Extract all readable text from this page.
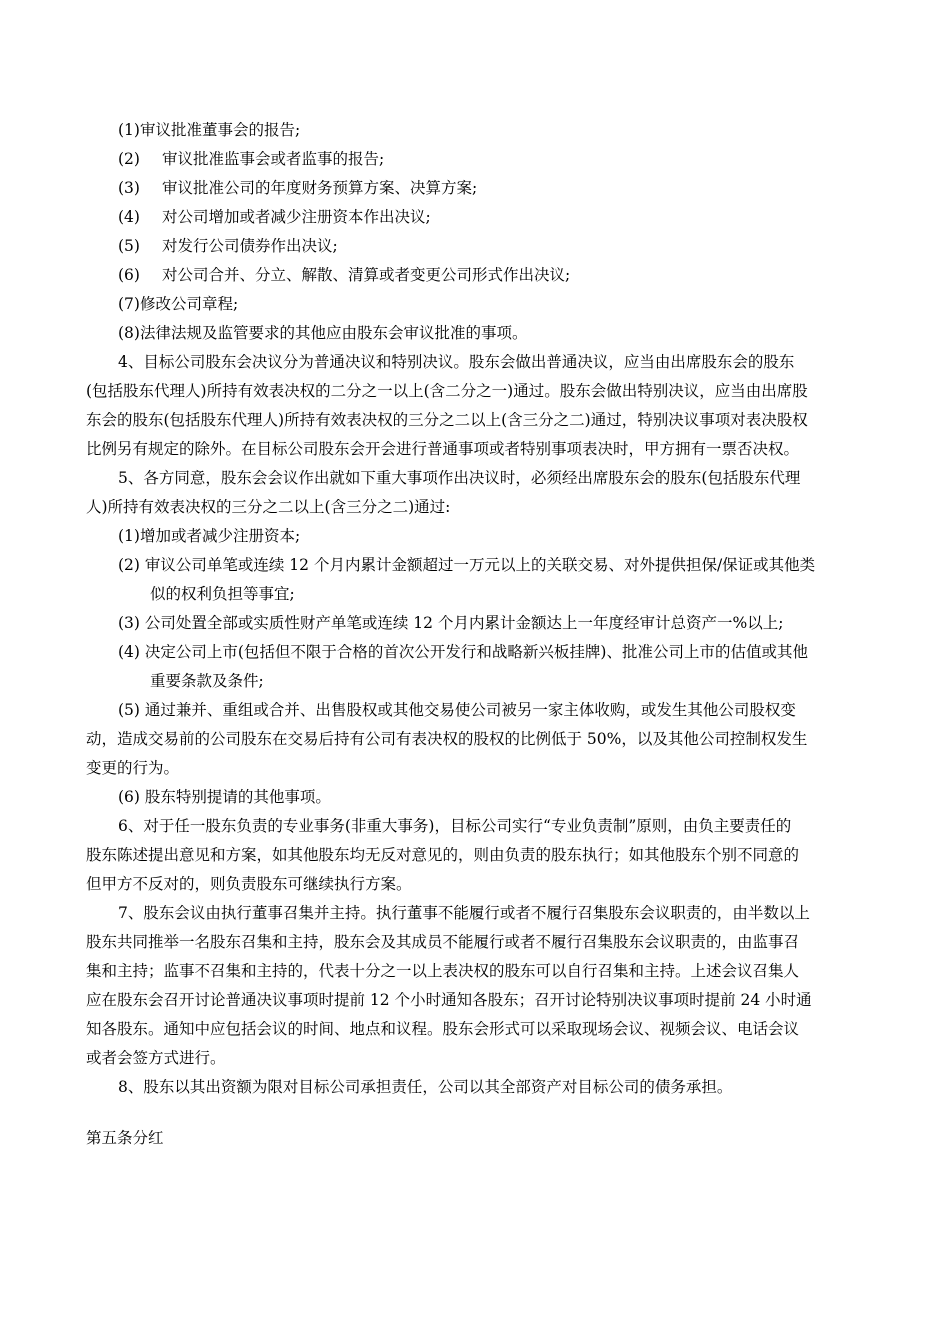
(1)审议批准董事会的报告;
(2) 审议批准监事会或者监事的报告;
(3) 审议批准公司的年度财务预算方案、决算方案;
(4) 对公司增加或者减少注册资本作出决议;
(5) 对发行公司债券作出决议;
(6) 对公司合并、分立、解散、清算或者变更公司形式作出决议;
(7)修改公司章程;
(8)法律法规及监管要求的其他应由股东会审议批准的事项。
4、目标公司股东会决议分为普通决议和特别决议。股东会做出普通决议，应当由出席股东会的股东
(包括股东代理人)所持有效表决权的二分之一以上(含二分之一)通过。股东会做出特别决议，应当由出席股
东会的股东(包括股东代理人)所持有效表决权的三分之二以上(含三分之二)通过，特别决议事项对表决股权
比例另有规定的除外。在目标公司股东会开会进行普通事项或者特别事项表决时，甲方拥有一票否决权。
5、各方同意，股东会会议作出就如下重大事项作出决议时，必须经出席股东会的股东(包括股东代理
人)所持有效表决权的三分之二以上(含三分之二)通过:
(1)增加或者减少注册资本;
(2) 审议公司单笔或连续 12 个月内累计金额超过一万元以上的关联交易、对外提供担保/保证或其他类
似的权利负担等事宜;
(3) 公司处置全部或实质性财产单笔或连续 12 个月内累计金额达上一年度经审计总资产一%以上;
(4) 决定公司上市(包括但不限于合格的首次公开发行和战略新兴板挂牌)、批准公司上市的估值或其他
重要条款及条件;
(5) 通过兼并、重组或合并、出售股权或其他交易使公司被另一家主体收购，或发生其他公司股权变
动，造成交易前的公司股东在交易后持有公司有表决权的股权的比例低于 50%，以及其他公司控制权发生
变更的行为。
(6) 股东特别提请的其他事项。
6、对于任一股东负责的专业事务(非重大事务)，目标公司实行“专业负责制”原则，由负主要责任的
股东陈述提出意见和方案，如其他股东均无反对意见的，则由负责的股东执行；如其他股东个别不同意的
但甲方不反对的，则负责股东可继续执行方案。
7、股东会议由执行董事召集并主持。执行董事不能履行或者不履行召集股东会议职责的，由半数以上
股东共同推举一名股东召集和主持，股东会及其成员不能履行或者不履行召集股东会议职责的，由监事召
集和主持；监事不召集和主持的，代表十分之一以上表决权的股东可以自行召集和主持。上述会议召集人
应在股东会召开讨论普通决议事项时提前 12 个小时通知各股东；召开讨论特别决议事项时提前 24 小时通
知各股东。通知中应包括会议的时间、地点和议程。股东会形式可以采取现场会议、视频会议、电话会议
或者会签方式进行。
8、股东以其出资额为限对目标公司承担责任，公司以其全部资产对目标公司的债务承担。
第五条分红
